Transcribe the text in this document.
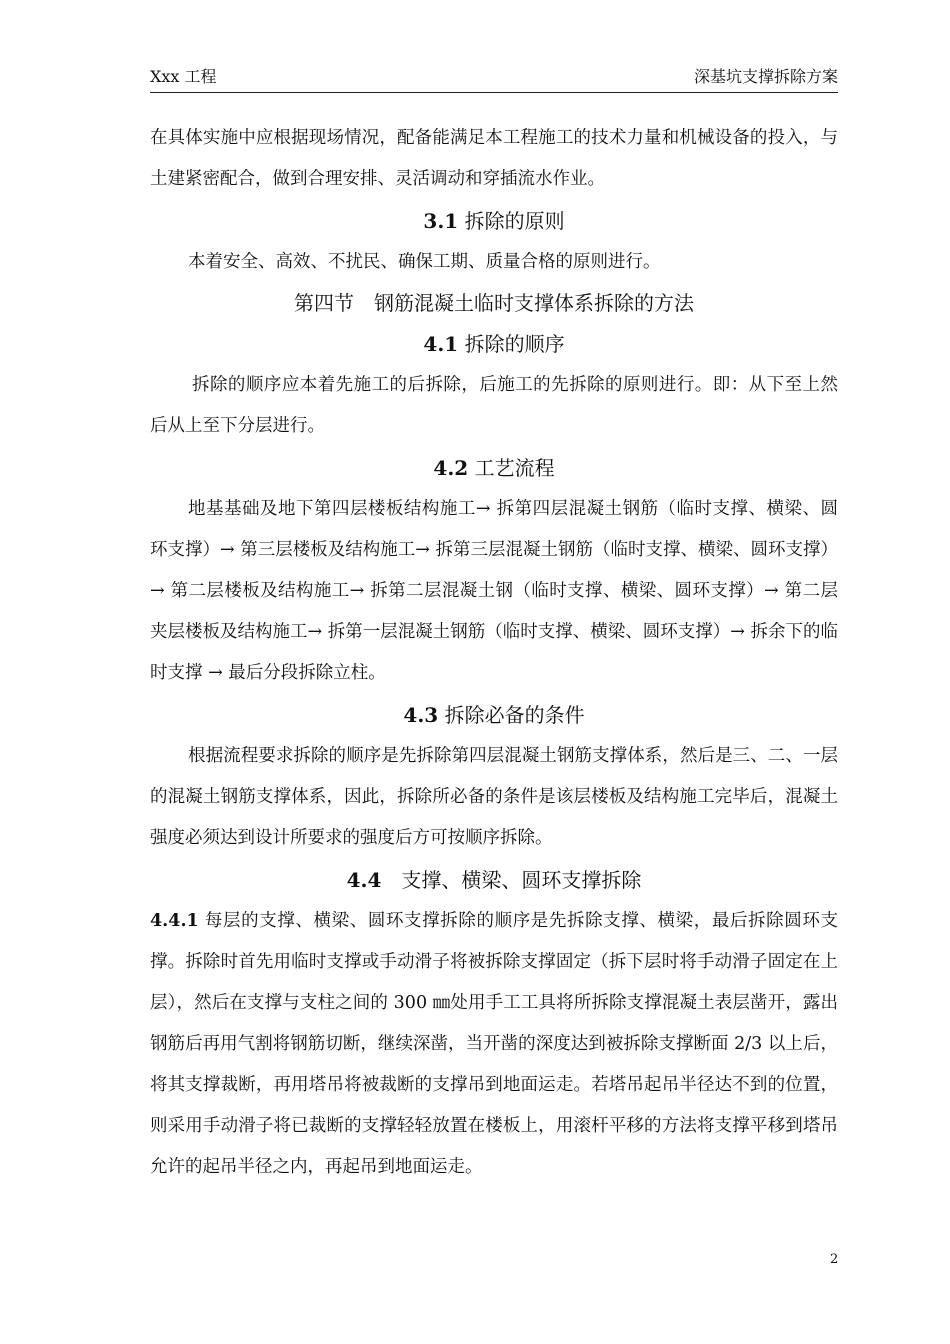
Xxx 工程	深基坑支撑拆除方案

在具体实施中应根据现场情况，配备能满足本工程施工的技术力量和机械设备的投入，与土建紧密配合，做到合理安排、灵活调动和穿插流水作业。

3.1 拆除的原则

本着安全、高效、不扰民、确保工期、质量合格的原则进行。

第四节　钢筋混凝土临时支撑体系拆除的方法
4.1 拆除的顺序

拆除的顺序应本着先施工的后拆除，后施工的先拆除的原则进行。即：从下至上然后从上至下分层进行。

4.2 工艺流程

地基基础及地下第四层楼板结构施工→ 拆第四层混凝土钢筋（临时支撑、横梁、圆环支撑）→ 第三层楼板及结构施工→ 拆第三层混凝土钢筋（临时支撑、横梁、圆环支撑）→ 第二层楼板及结构施工→ 拆第二层混凝土钢（临时支撑、横梁、圆环支撑）→ 第二层夹层楼板及结构施工→ 拆第一层混凝土钢筋（临时支撑、横梁、圆环支撑）→ 拆余下的临时支撑 → 最后分段拆除立柱。

4.3 拆除必备的条件

根据流程要求拆除的顺序是先拆除第四层混凝土钢筋支撑体系，然后是三、二、一层的混凝土钢筋支撑体系，因此，拆除所必备的条件是该层楼板及结构施工完毕后，混凝土强度必须达到设计所要求的强度后方可按顺序拆除。

4.4　 支撑、横梁、圆环支撑拆除

4.4.1 每层的支撑、横梁、圆环支撑拆除的顺序是先拆除支撑、横梁，最后拆除圆环支撑。拆除时首先用临时支撑或手动滑子将被拆除支撑固定（拆下层时将手动滑子固定在上层），然后在支撑与支柱之间的 300 ㎜处用手工工具将所拆除支撑混凝土表层凿开，露出钢筋后再用气割将钢筋切断，继续深凿，当开凿的深度达到被拆除支撑断面 2/3 以上后，将其支撑裁断，再用塔吊将被裁断的支撑吊到地面运走。若塔吊起吊半径达不到的位置，则采用手动滑子将已裁断的支撑轻轻放置在楼板上，用滚杆平移的方法将支撑平移到塔吊允许的起吊半径之内，再起吊到地面运走。

2
